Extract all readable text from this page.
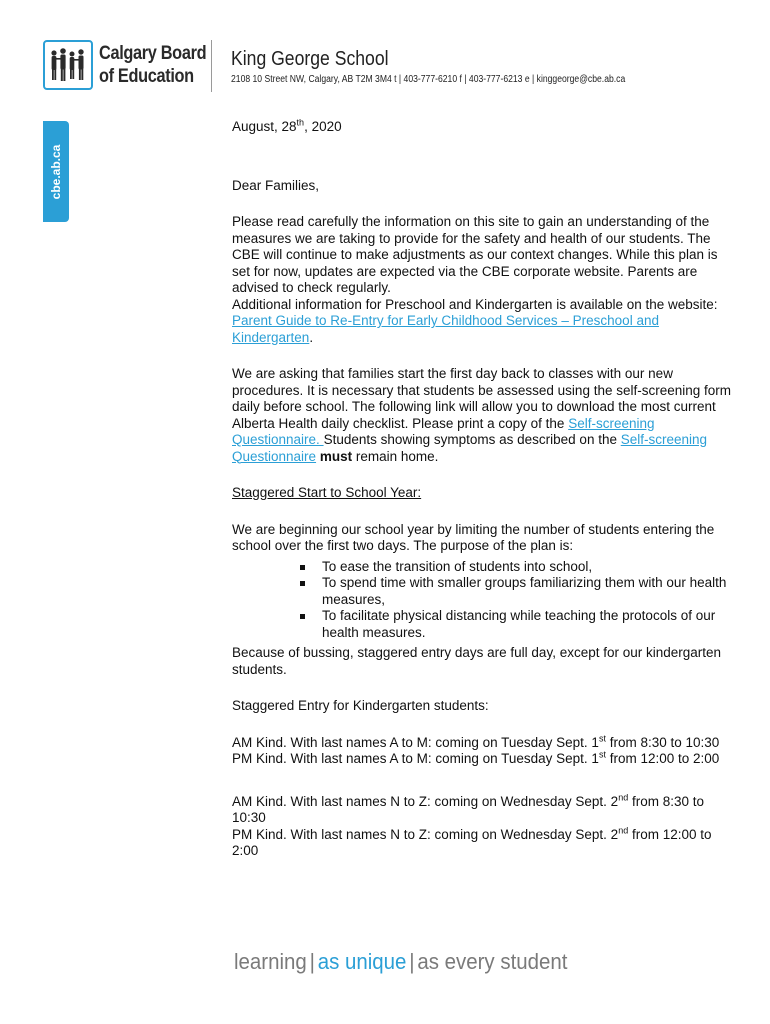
Calgary Board
of Education
King George School
2108 10 Street NW, Calgary, AB T2M 3M4 t | 403-777-6210 f | 403-777-6213 e | kinggeorge@cbe.ab.ca
cbe.ab.ca

August, 28th, 2020

Dear Families,

Please read carefully the information on this site to gain an understanding of the measures we are taking to provide for the safety and health of our students. The CBE will continue to make adjustments as our context changes. While this plan is set for now, updates are expected via the CBE corporate website. Parents are advised to check regularly.

Additional information for Preschool and Kindergarten is available on the website: Parent Guide to Re-Entry for Early Childhood Services – Preschool and Kindergarten.

We are asking that families start the first day back to classes with our new procedures. It is necessary that students be assessed using the self-screening form daily before school. The following link will allow you to download the most current Alberta Health daily checklist. Please print a copy of the Self-screening Questionnaire. Students showing symptoms as described on the Self-screening Questionnaire must remain home.

Staggered Start to School Year:

We are beginning our school year by limiting the number of students entering the school over the first two days. The purpose of the plan is:

To ease the transition of students into school,
To spend time with smaller groups familiarizing them with our health measures,
To facilitate physical distancing while teaching the protocols of our health measures.

Because of bussing, staggered entry days are full day, except for our kindergarten students.

Staggered Entry for Kindergarten students:

AM Kind. With last names A to M: coming on Tuesday Sept. 1st from 8:30 to 10:30

PM Kind. With last names A to M: coming on Tuesday Sept. 1st from 12:00 to 2:00

AM Kind. With last names N to Z: coming on Wednesday Sept. 2nd from 8:30 to 10:30

PM Kind. With last names N to Z: coming on Wednesday Sept. 2nd from 12:00 to 2:00

learning | as unique | as every student
